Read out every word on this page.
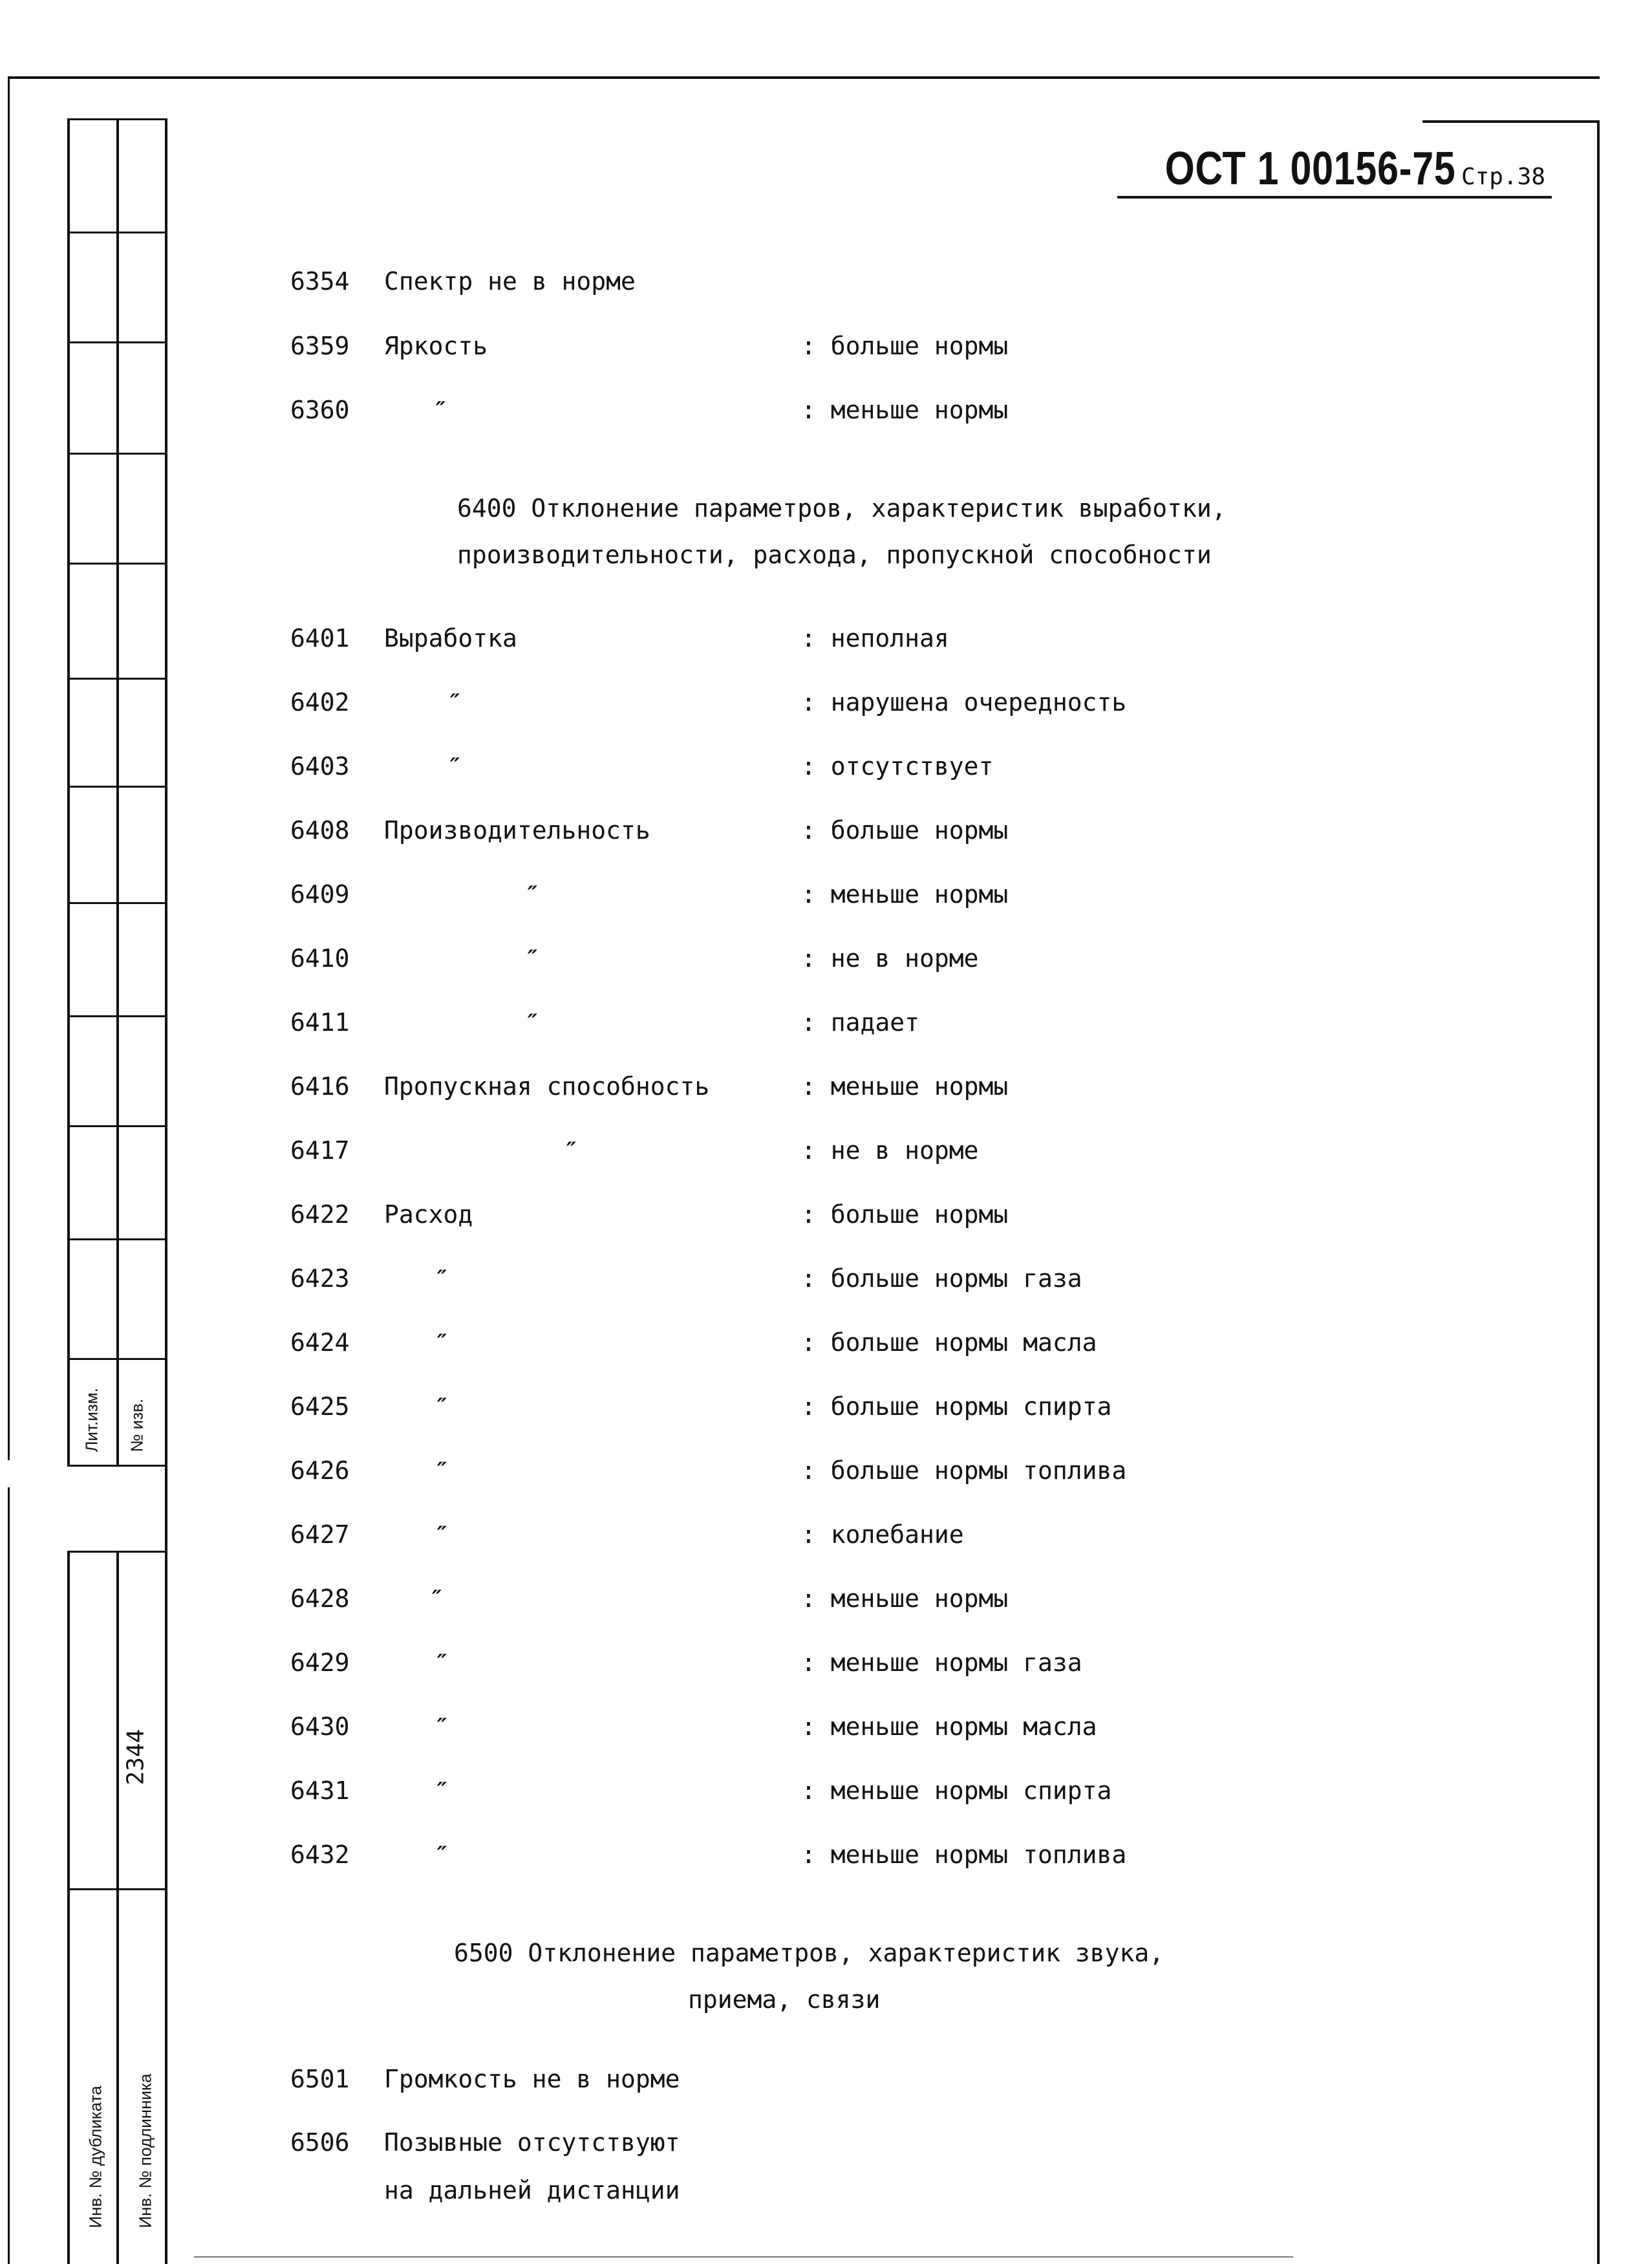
Лит.изм. № изв.
2344
Инв. № дубликата Инв. № подлинника
ОСТ 1 00156-75 Стр.38
6354 Спектр не в норме
6359 Яркость	: больше нормы
6360	″	: меньше нормы
6400 Отклонение параметров, характеристик выработки,
производительности, расхода, пропускной способности
6401 Выработка	: неполная
6402	″	: нарушена очередность
6403	″	: отсутствует
6408 Производительность	: больше нормы
6409	″	: меньше нормы
6410	″	: не в норме
6411	″	: падает
6416 Пропускная способность	: меньше нормы
6417	″	: не в норме
6422 Расход	: больше нормы
6423	″	: больше нормы газа
6424	″	: больше нормы масла
6425	″	: больше нормы спирта
6426	″	: больше нормы топлива
6427	″	: колебание
6428	″	: меньше нормы
6429	″	: меньше нормы газа
6430	″	: меньше нормы масла
6431	″	: меньше нормы спирта
6432	″	: меньше нормы топлива
6500 Отклонение параметров, характеристик звука,
приема, связи
6501 Громкость не в норме
6506 Позывные отсутствуют
на дальней дистанции
